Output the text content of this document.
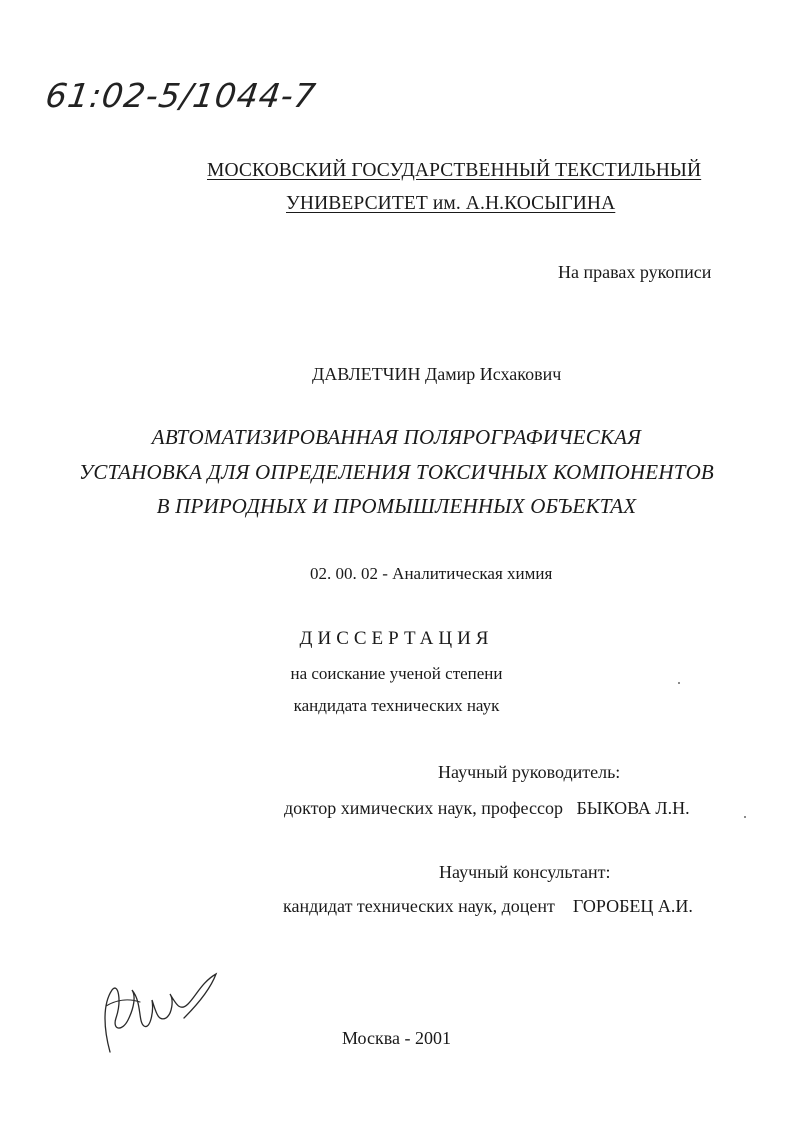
61:02-5/1044-7
МОСКОВСКИЙ ГОСУДАРСТВЕННЫЙ ТЕКСТИЛЬНЫЙ
УНИВЕРСИТЕТ им. А.Н.КОСЫГИНА
На правах рукописи
ДАВЛЕТЧИН Дамир Исхакович
АВТОМАТИЗИРОВАННАЯ ПОЛЯРОГРАФИЧЕСКАЯ
УСТАНОВКА ДЛЯ ОПРЕДЕЛЕНИЯ ТОКСИЧНЫХ КОМПОНЕНТОВ
В ПРИРОДНЫХ И ПРОМЫШЛЕННЫХ ОБЪЕКТАХ
02. 00. 02 - Аналитическая химия
ДИССЕРТАЦИЯ
на соискание ученой степени
кандидата технических наук
Научный руководитель:
доктор химических наук, профессор   БЫКОВА Л.Н.
Научный консультант:
кандидат технических наук, доцент    ГОРОБЕЦ А.И.
Москва - 2001
